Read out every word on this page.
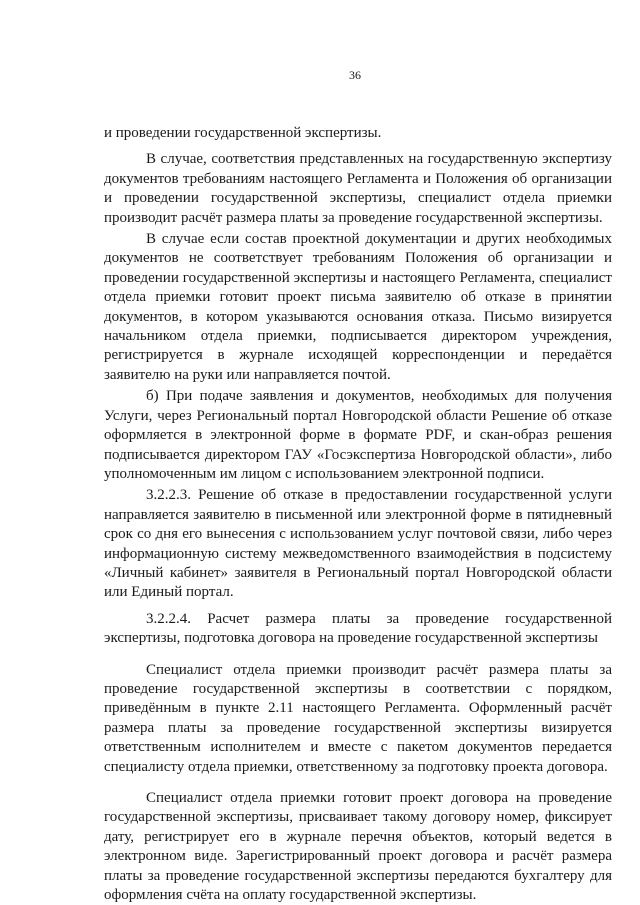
36

и проведении государственной экспертизы.

В случае, соответствия представленных на государственную экспертизу документов требованиям настоящего Регламента и Положения об организации и проведении государственной экспертизы, специалист отдела приемки производит расчёт размера платы за проведение государственной экспертизы.

В случае если состав проектной документации и других необходимых документов не соответствует требованиям Положения об организации и проведении государственной экспертизы и настоящего Регламента, специалист отдела приемки готовит проект письма заявителю об отказе в принятии документов, в котором указываются основания отказа. Письмо визируется начальником отдела приемки, подписывается директором учреждения, регистрируется в журнале исходящей корреспонденции и передаётся заявителю на руки или направляется почтой.

б) При подаче заявления и документов, необходимых для получения Услуги, через Региональный портал Новгородской области Решение об отказе оформляется в электронной форме в формате PDF, и скан-образ решения подписывается директором ГАУ «Госэкспертиза Новгородской области», либо уполномоченным им лицом с использованием электронной подписи.

3.2.2.3. Решение об отказе в предоставлении государственной услуги направляется заявителю в письменной или электронной форме в пятидневный срок со дня его вынесения с использованием услуг почтовой связи, либо через информационную систему межведомственного взаимодействия в подсистему «Личный кабинет» заявителя в Региональный портал Новгородской области или Единый портал.

3.2.2.4. Расчет размера платы за проведение государственной экспертизы, подготовка договора на проведение государственной экспертизы

Специалист отдела приемки производит расчёт размера платы за проведение государственной экспертизы в соответствии с порядком, приведённым в пункте 2.11 настоящего Регламента. Оформленный расчёт размера платы за проведение государственной экспертизы визируется ответственным исполнителем и вместе с пакетом документов передается специалисту отдела приемки, ответственному за подготовку проекта договора.

Специалист отдела приемки готовит проект договора на проведение государственной экспертизы, присваивает такому договору номер, фиксирует дату, регистрирует его в журнале перечня объектов, который ведется в электронном виде. Зарегистрированный проект договора и расчёт размера платы за проведение государственной экспертизы передаются бухгалтеру для оформления счёта на оплату государственной экспертизы.
